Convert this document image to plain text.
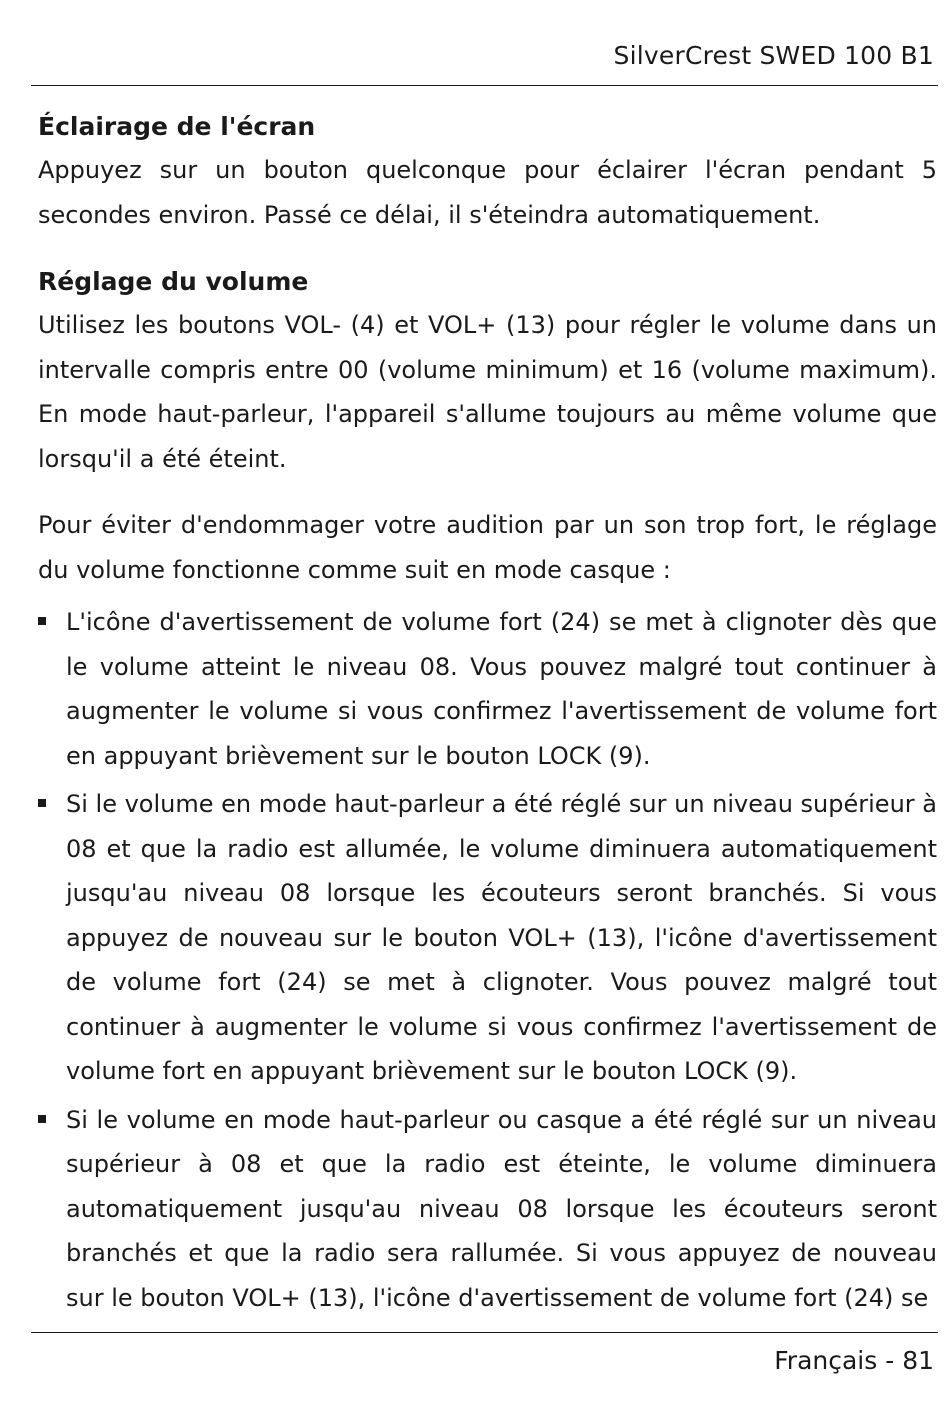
SilverCrest SWED 100 B1
Éclairage de l'écran

Appuyez sur un bouton quelconque pour éclairer l'écran pendant 5 secondes environ. Passé ce délai, il s'éteindra automatiquement.

Réglage du volume

Utilisez les boutons VOL- (4) et VOL+ (13) pour régler le volume dans un intervalle compris entre 00 (volume minimum) et 16 (volume maximum). En mode haut-parleur, l'appareil s'allume toujours au même volume que lorsqu'il a été éteint.

Pour éviter d'endommager votre audition par un son trop fort, le réglage du volume fonctionne comme suit en mode casque :

L'icône d'avertissement de volume fort (24) se met à clignoter dès que le volume atteint le niveau 08. Vous pouvez malgré tout continuer à augmenter le volume si vous confirmez l'avertissement de volume fort en appuyant brièvement sur le bouton LOCK (9).
Si le volume en mode haut-parleur a été réglé sur un niveau supérieur à 08 et que la radio est allumée, le volume diminuera automatiquement jusqu'au niveau 08 lorsque les écouteurs seront branchés. Si vous appuyez de nouveau sur le bouton VOL+ (13), l'icône d'avertissement de volume fort (24) se met à clignoter. Vous pouvez malgré tout continuer à augmenter le volume si vous confirmez l'avertissement de volume fort en appuyant brièvement sur le bouton LOCK (9).
Si le volume en mode haut-parleur ou casque a été réglé sur un niveau supérieur à 08 et que la radio est éteinte, le volume diminuera automatiquement jusqu'au niveau 08 lorsque les écouteurs seront branchés et que la radio sera rallumée. Si vous appuyez de nouveau sur le bouton VOL+ (13), l'icône d'avertissement de volume fort (24) se
Français - 81
